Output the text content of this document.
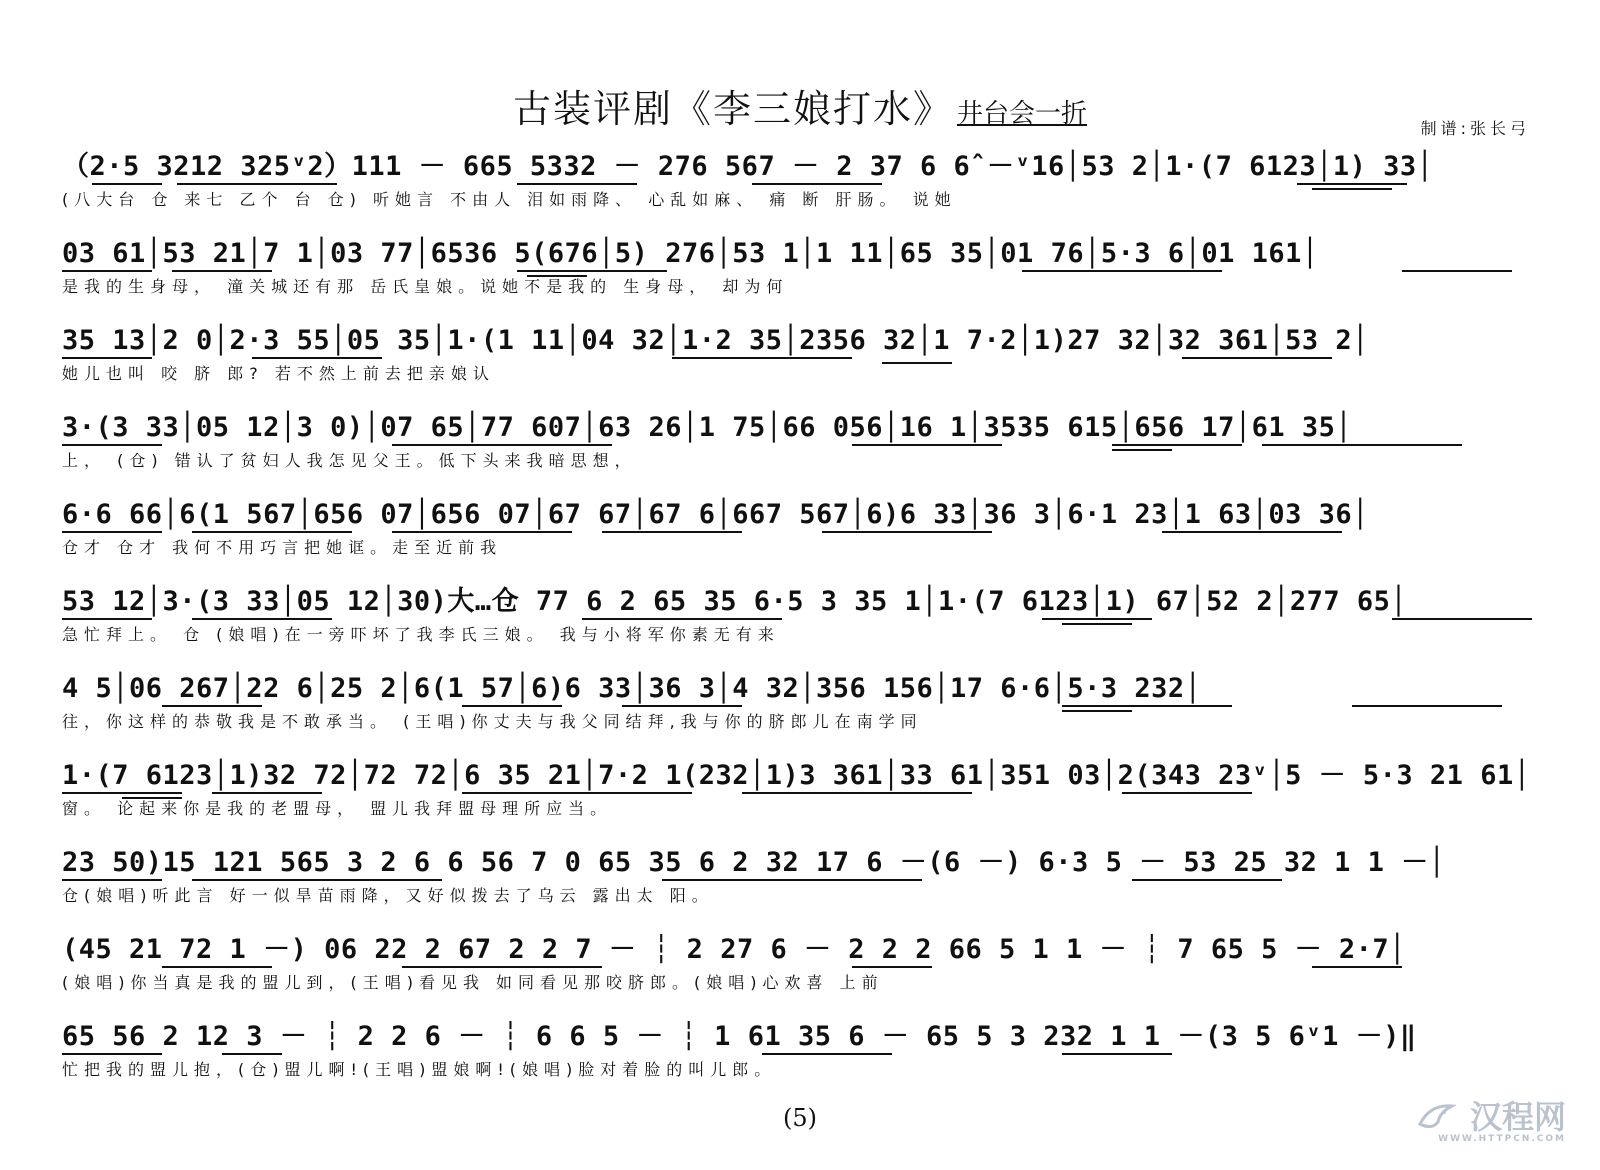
古装评剧《李三娘打水》 井台会一折	制谱:张长弓
（2·5 3212 325ᵛ2）111 － 665 5332 － 276 567 － 2 37 6 6̂ －ᵛ16│53 2│1·(7 6123│1) 33│
(八大台 仓 来七 乙个 台 仓) 听她言 不由人 泪如雨降、 心乱如麻、 痛 断 肝肠。 说她
03 61│53 21│7 1│03 77│6536 5(676│5) 276│53 1│1 11│65 35│01 76│5·3 6│01 161│
是我的生身母， 潼关城还有那 岳氏皇娘。说她不是我的 生身母， 却为何
35 13│2 0│2·3 55│05 35│1·(1 11│04 32│1·2 35│2356 32│1 7·2│1)27 32│32 361│53 2│
她儿也叫 咬 脐 郎? 若不然上前去把亲娘认
3·(3 33│05 12│3 0)│07 65│77 607│63 26│1 75│66 056│16 1│3535 615│656 17│61 35│
上， (仓) 错认了贫妇人我怎见父王。低下头来我暗思想，
6·6 66│6(1 567│656 07│656 07│67 67│67 6│667 567│6)6 33│36 3│6·1 23│1 63│03 36│
仓才 仓才 我何不用巧言把她诓。走至近前我
53 12│3·(3 33│05 12│30)大…仓 77 6 2 65 35 6·5 3 35 1│1·(7 6123│1) 67│52 2│277 65│
急忙拜上。 仓 (娘唱)在一旁吓坏了我李氏三娘。 我与小将军你素无有来
4 5│06 267│22 6│25 2│6(1 57│6)6 33│36 3│4 32│356 156│17 6·6│5·3 232│
往，你这样的恭敬我是不敢承当。 (王唱)你丈夫与我父同结拜,我与你的脐郎儿在南学同
1·(7 6123│1)32 72│72 72│6 35 21│7·2 1(232│1)3 361│33 61│351 03│2(343 23ᵛ│5 － 5·3 21 61│
窗。 论起来你是我的老盟母， 盟儿我拜盟母理所应当。
23 50)15 121 565 3 2 6 6 56 7 0 65 35 6 2 32 17 6 －(6 －) 6·3 5 － 53 25 32 1 1 －│
仓(娘唱)听此言 好一似旱苗雨降，又好似拨去了乌云 露出太 阳。
(45 21 72 1 －) 06 22 2 67 2 2 7 － ┆ 2 27 6 － 2 2 2 66 5 1 1 － ┆ 7 65 5 － 2·7│
(娘唱)你当真是我的盟儿到，(王唱)看见我 如同看见那咬脐郎。(娘唱)心欢喜 上前
65 56 2 12 3 － ┆ 2 2 6 － ┆ 6 6 5 － ┆ 1 61 35 6 － 65 5 3 232 1 1 －(3 5 6ᵛ1 －)‖
忙把我的盟儿抱，(仓)盟儿啊!(王唱)盟娘啊!(娘唱)脸对着脸的叫儿郎。
(5)	汉程网
WWW.HTTPCN.COM
